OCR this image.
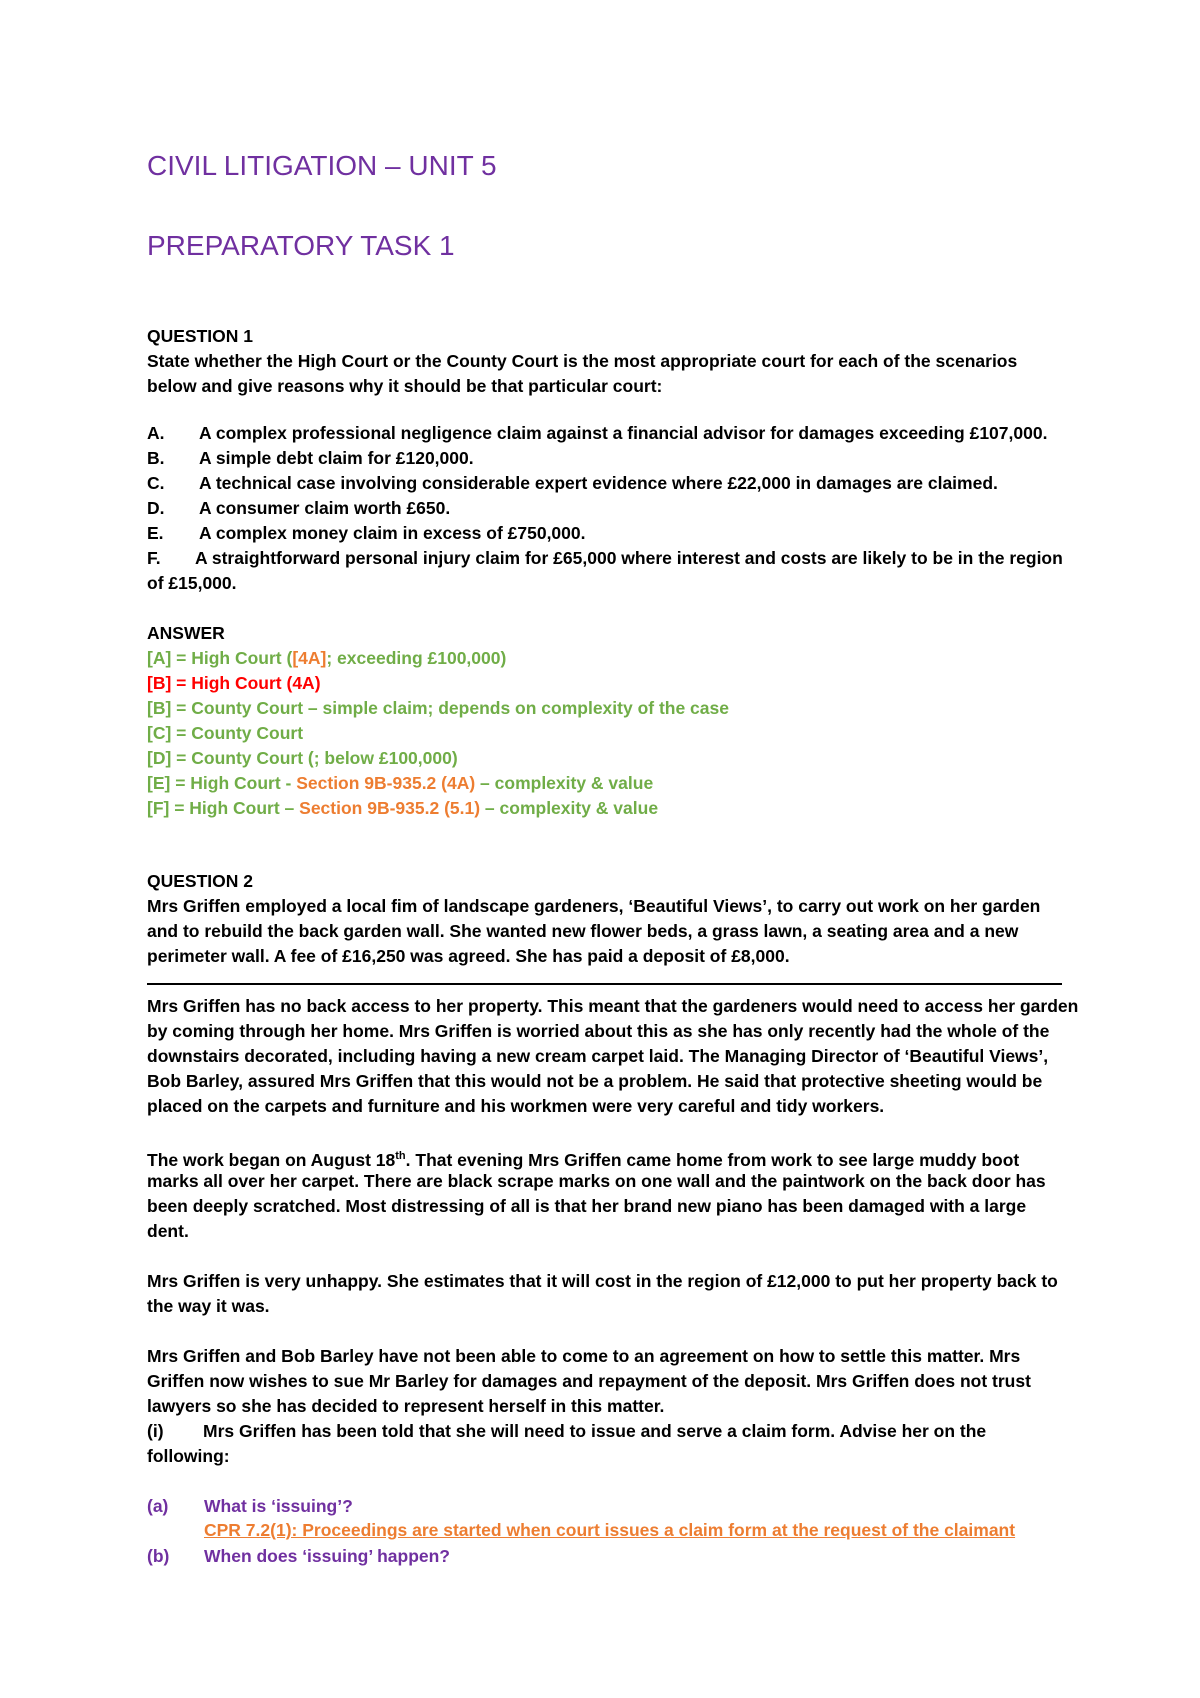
CIVIL LITIGATION – UNIT 5
PREPARATORY TASK 1

QUESTION 1

State whether the High Court or the County Court is the most appropriate court for each of the scenarios

below and give reasons why it should be that particular court:

A. A complex professional negligence claim against a financial advisor for damages exceeding £107,000.

B. A simple debt claim for £120,000.

C. A technical case involving considerable expert evidence where £22,000 in damages are claimed.

D. A consumer claim worth £650.

E. A complex money claim in excess of £750,000.

F. A straightforward personal injury claim for £65,000 where interest and costs are likely to be in the region

of £15,000.

ANSWER

[A] = High Court ([4A]; exceeding £100,000)

[B] = High Court (4A)

[B] = County Court – simple claim; depends on complexity of the case

[C] = County Court

[D] = County Court (; below £100,000)

[E] = High Court - Section 9B-935.2 (4A) – complexity & value

[F] = High Court – Section 9B-935.2 (5.1) – complexity & value

QUESTION 2

Mrs Griffen employed a local fim of landscape gardeners, ‘Beautiful Views’, to carry out work on her garden

and to rebuild the back garden wall. She wanted new flower beds, a grass lawn, a seating area and a new

perimeter wall. A fee of £16,250 was agreed. She has paid a deposit of £8,000.

Mrs Griffen has no back access to her property. This meant that the gardeners would need to access her garden

by coming through her home. Mrs Griffen is worried about this as she has only recently had the whole of the

downstairs decorated, including having a new cream carpet laid. The Managing Director of ‘Beautiful Views’,

Bob Barley, assured Mrs Griffen that this would not be a problem. He said that protective sheeting would be

placed on the carpets and furniture and his workmen were very careful and tidy workers.

The work began on August 18th. That evening Mrs Griffen came home from work to see large muddy boot

marks all over her carpet. There are black scrape marks on one wall and the paintwork on the back door has

been deeply scratched. Most distressing of all is that her brand new piano has been damaged with a large

dent.

Mrs Griffen is very unhappy. She estimates that it will cost in the region of £12,000 to put her property back to

the way it was.

Mrs Griffen and Bob Barley have not been able to come to an agreement on how to settle this matter. Mrs

Griffen now wishes to sue Mr Barley for damages and repayment of the deposit. Mrs Griffen does not trust

lawyers so she has decided to represent herself in this matter.

(i) Mrs Griffen has been told that she will need to issue and serve a claim form. Advise her on the

following:

(a) What is ‘issuing’?

CPR 7.2(1): Proceedings are started when court issues a claim form at the request of the claimant

(b) When does ‘issuing’ happen?
